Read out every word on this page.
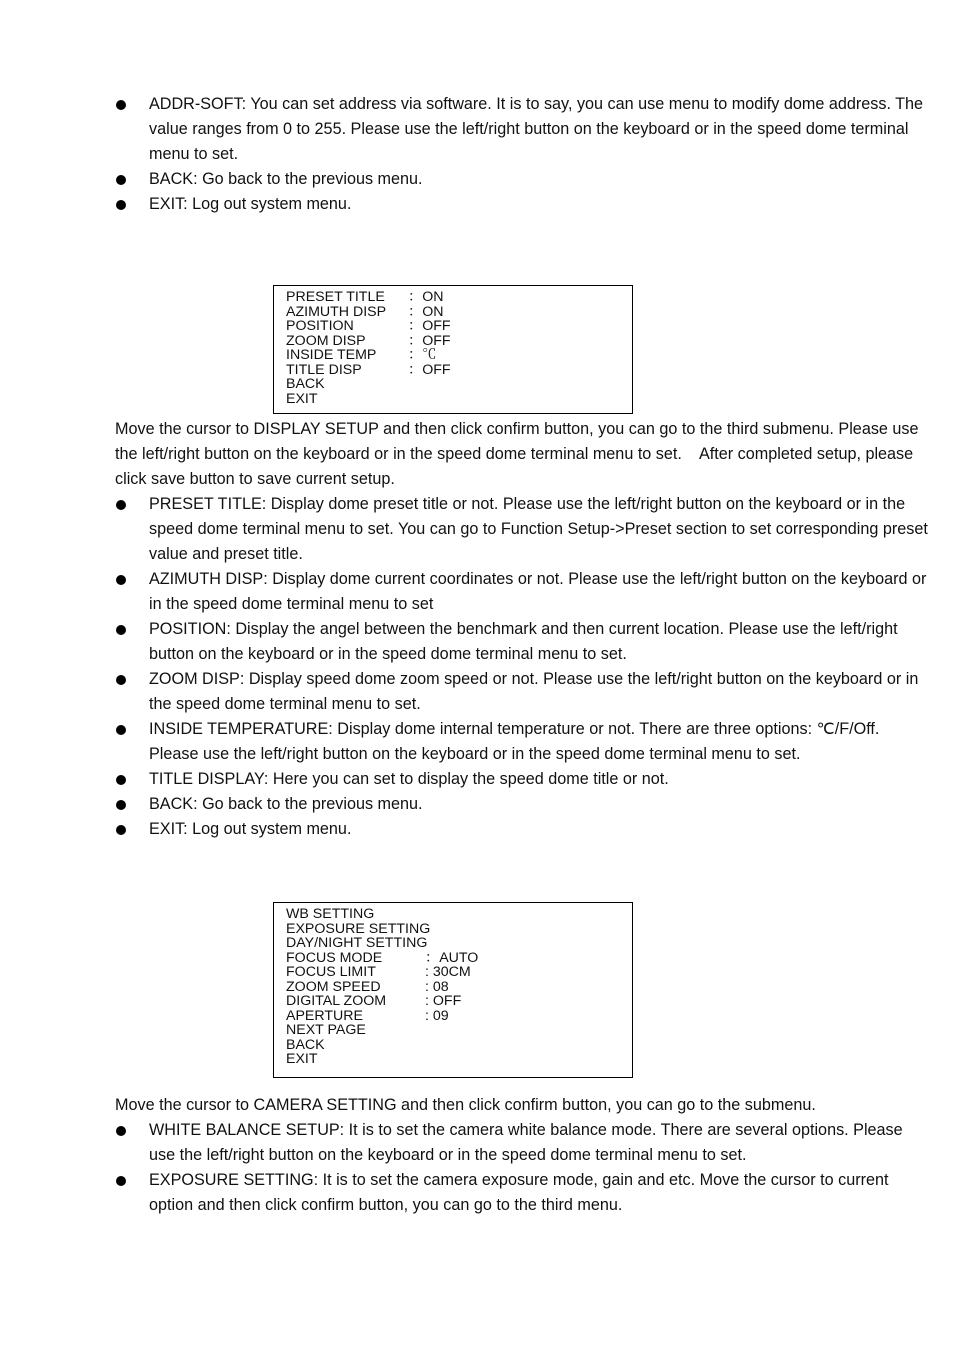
ADDR-SOFT: You can set address via software. It is to say, you can use menu to modify dome address. The value ranges from 0 to 255. Please use the left/right button on the keyboard or in the speed dome terminal menu to set.
BACK: Go back to the previous menu.
EXIT: Log out system menu.
PRESET TITLE ：ON
AZIMUTH DISP ：ON
POSITION	：OFF
ZOOM DISP	：OFF
INSIDE TEMP ：℃
TITLE DISP	：OFF
BACK
EXIT

Move the cursor to DISPLAY SETUP and then click confirm button, you can go to the third submenu. Please use the left/right button on the keyboard or in the speed dome terminal menu to set.    After completed setup, please click save button to save current setup.

PRESET TITLE: Display dome preset title or not. Please use the left/right button on the keyboard or in the speed dome terminal menu to set. You can go to Function Setup->Preset section to set corresponding preset value and preset title.
AZIMUTH DISP: Display dome current coordinates or not. Please use the left/right button on the keyboard or in the speed dome terminal menu to set
POSITION: Display the angel between the benchmark and then current location. Please use the left/right button on the keyboard or in the speed dome terminal menu to set.
ZOOM DISP: Display speed dome zoom speed or not. Please use the left/right button on the keyboard or in the speed dome terminal menu to set.
INSIDE TEMPERATURE: Display dome internal temperature or not. There are three options: ℃/F/Off. Please use the left/right button on the keyboard or in the speed dome terminal menu to set.
TITLE DISPLAY: Here you can set to display the speed dome title or not.
BACK: Go back to the previous menu.
EXIT: Log out system menu.
WB SETTING
EXPOSURE SETTING
DAY/NIGHT SETTING
FOCUS MODE	：AUTO
FOCUS LIMIT	: 30CM
ZOOM SPEED	: 08
DIGITAL ZOOM	: OFF
APERTURE	: 09
NEXT PAGE
BACK
EXIT

Move the cursor to CAMERA SETTING and then click confirm button, you can go to the submenu.

WHITE BALANCE SETUP: It is to set the camera white balance mode. There are several options. Please use the left/right button on the keyboard or in the speed dome terminal menu to set.
EXPOSURE SETTING: It is to set the camera exposure mode, gain and etc. Move the cursor to current option and then click confirm button, you can go to the third menu.
